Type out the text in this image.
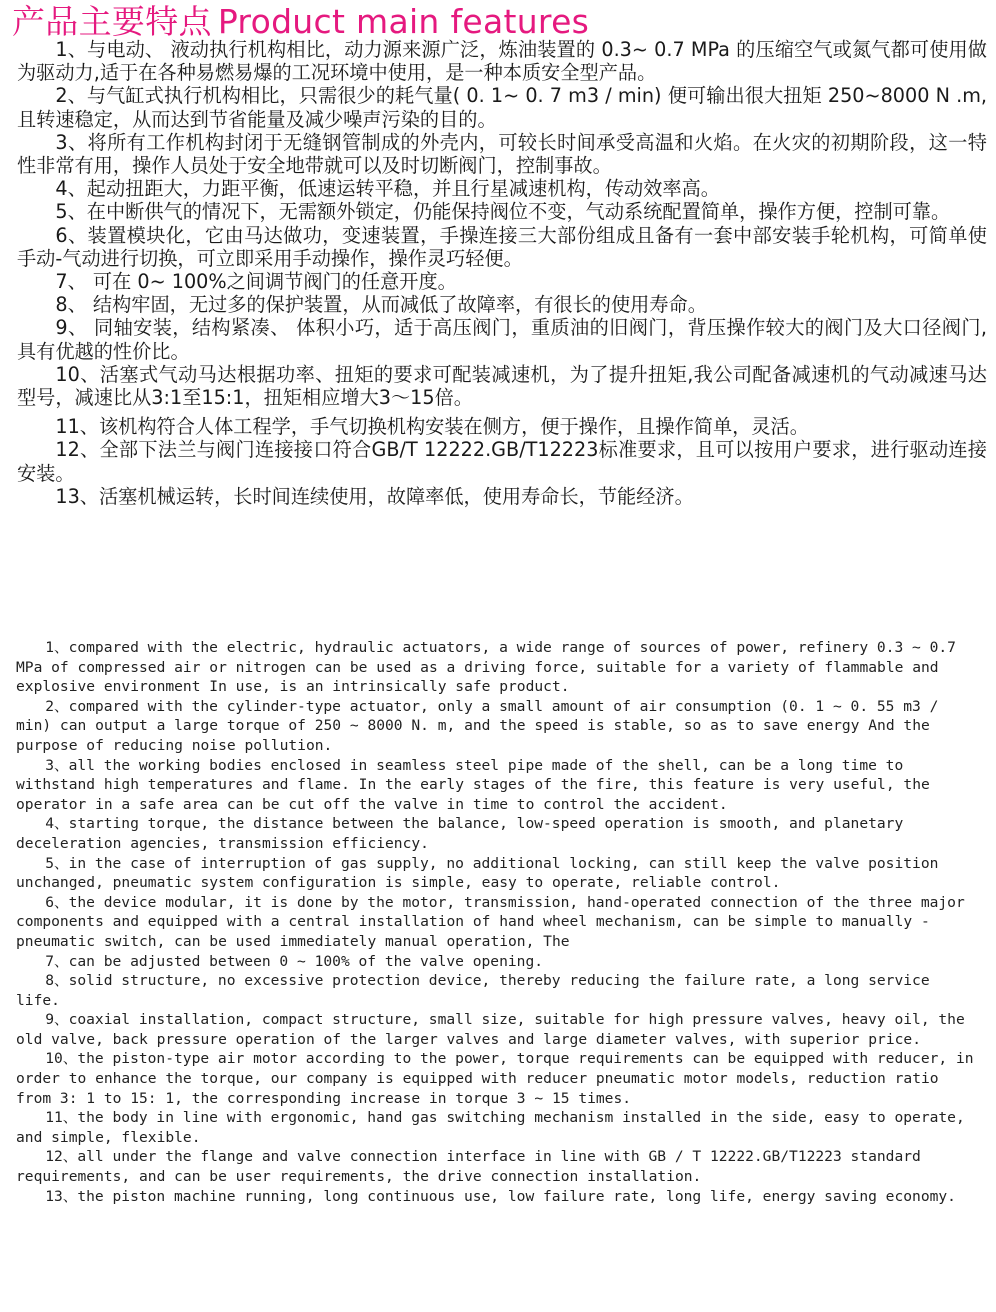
产品主要特点 Product main features

1、与电动、 液动执行机构相比，动力源来源广泛，炼油装置的 0.3~ 0.7 MPa 的压缩空气或氮气都可使用做为驱动力,适于在各种易燃易爆的工况环境中使用，是一种本质安全型产品。

2、与气缸式执行机构相比，只需很少的耗气量( 0. 1~ 0. 7 m3 / min) 便可输出很大扭矩 250~8000 N .m, 且转速稳定，从而达到节省能量及减少噪声污染的目的。

3、将所有工作机构封闭于无缝钢管制成的外壳内，可较长时间承受高温和火焰。在火灾的初期阶段，这一特性非常有用，操作人员处于安全地带就可以及时切断阀门，控制事故。

4、起动扭距大，力距平衡，低速运转平稳，并且行星减速机构，传动效率高。

5、在中断供气的情况下，无需额外锁定，仍能保持阀位不变，气动系统配置简单，操作方便，控制可靠。

6、装置模块化，它由马达做功，变速装置，手操连接三大部份组成且备有一套中部安装手轮机构，可简单使手动-气动进行切换，可立即采用手动操作，操作灵巧轻便。

7、 可在 0~ 100%之间调节阀门的任意开度。

8、 结构牢固，无过多的保护装置，从而减低了故障率，有很长的使用寿命。

9、 同轴安装，结构紧凑、 体积小巧，适于高压阀门，重质油的旧阀门，背压操作较大的阀门及大口径阀门,具有优越的性价比。

10、活塞式气动马达根据功率、扭矩的要求可配装减速机，为了提升扭矩,我公司配备减速机的气动减速马达型号，减速比从3:1至15:1，扭矩相应增大3～15倍。

11、该机构符合人体工程学，手气切换机构安装在侧方，便于操作，且操作简单，灵活。

12、全部下法兰与阀门连接接口符合GB/T 12222.GB/T12223标准要求，且可以按用户要求，进行驱动连接安装。

13、活塞机械运转，长时间连续使用，故障率低，使用寿命长，节能经济。

1、compared with the electric, hydraulic actuators, a wide range of sources of power, refinery 0.3 ~ 0.7 MPa of compressed air or nitrogen can be used as a driving force, suitable for a variety of flammable and explosive environment In use, is an intrinsically safe product.

2、compared with the cylinder-type actuator, only a small amount of air consumption (0. 1 ~ 0. 55 m3 / min) can output a large torque of 250 ~ 8000 N. m, and the speed is stable, so as to save energy And the purpose of reducing noise pollution.

3、all the working bodies enclosed in seamless steel pipe made of the shell, can be a long time to withstand high temperatures and flame. In the early stages of the fire, this feature is very useful, the operator in a safe area can be cut off the valve in time to control the accident.

4、starting torque, the distance between the balance, low-speed operation is smooth, and planetary deceleration agencies, transmission efficiency.

5、in the case of interruption of gas supply, no additional locking, can still keep the valve position unchanged, pneumatic system configuration is simple, easy to operate, reliable control.

6、the device modular, it is done by the motor, transmission, hand-operated connection of the three major components and equipped with a central installation of hand wheel mechanism, can be simple to manually - pneumatic switch, can be used immediately manual operation, The

7、can be adjusted between 0 ~ 100% of the valve opening.

8、solid structure, no excessive protection device, thereby reducing the failure rate, a long service life.

9、coaxial installation, compact structure, small size, suitable for high pressure valves, heavy oil, the old valve, back pressure operation of the larger valves and large diameter valves, with superior price.

10、the piston-type air motor according to the power, torque requirements can be equipped with reducer, in order to enhance the torque, our company is equipped with reducer pneumatic motor models, reduction ratio from 3: 1 to 15: 1, the corresponding increase in torque 3 ~ 15 times.

11、the body in line with ergonomic, hand gas switching mechanism installed in the side, easy to operate, and simple, flexible.

12、all under the flange and valve connection interface in line with GB / T 12222.GB/T12223 standard requirements, and can be user requirements, the drive connection installation.

13、the piston machine running, long continuous use, low failure rate, long life, energy saving economy.
